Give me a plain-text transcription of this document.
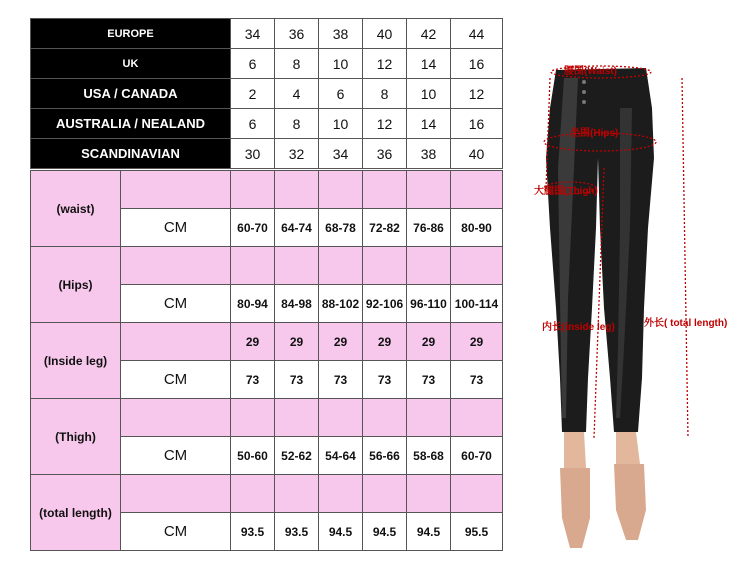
EUROPE	34	36	38	40	42	44
UK	6	8	10	12	14	16
USA / CANADA	2	4	6	8	10	12
AUSTRALIA / NEALAND	6	8	10	12	14	16
SCANDINAVIAN	30	32	34	36	38	40
(waist)							
	CM	60-70	64-74	68-78	72-82	76-86	80-90
(Hips)							
	CM	80-94	84-98	88-102	92-106	96-110	100-114
(Inside leg)		29	29	29	29	29	29
	CM	73	73	73	73	73	73
(Thigh)							
	CM	50-60	52-62	54-64	56-66	58-68	60-70
(total length)							
	CM	93.5	93.5	94.5	94.5	94.5	95.5
腰围(Waist)
坐围(Hips)
大腿围(Thigh)
内长(inside leg)	外长( total length)
